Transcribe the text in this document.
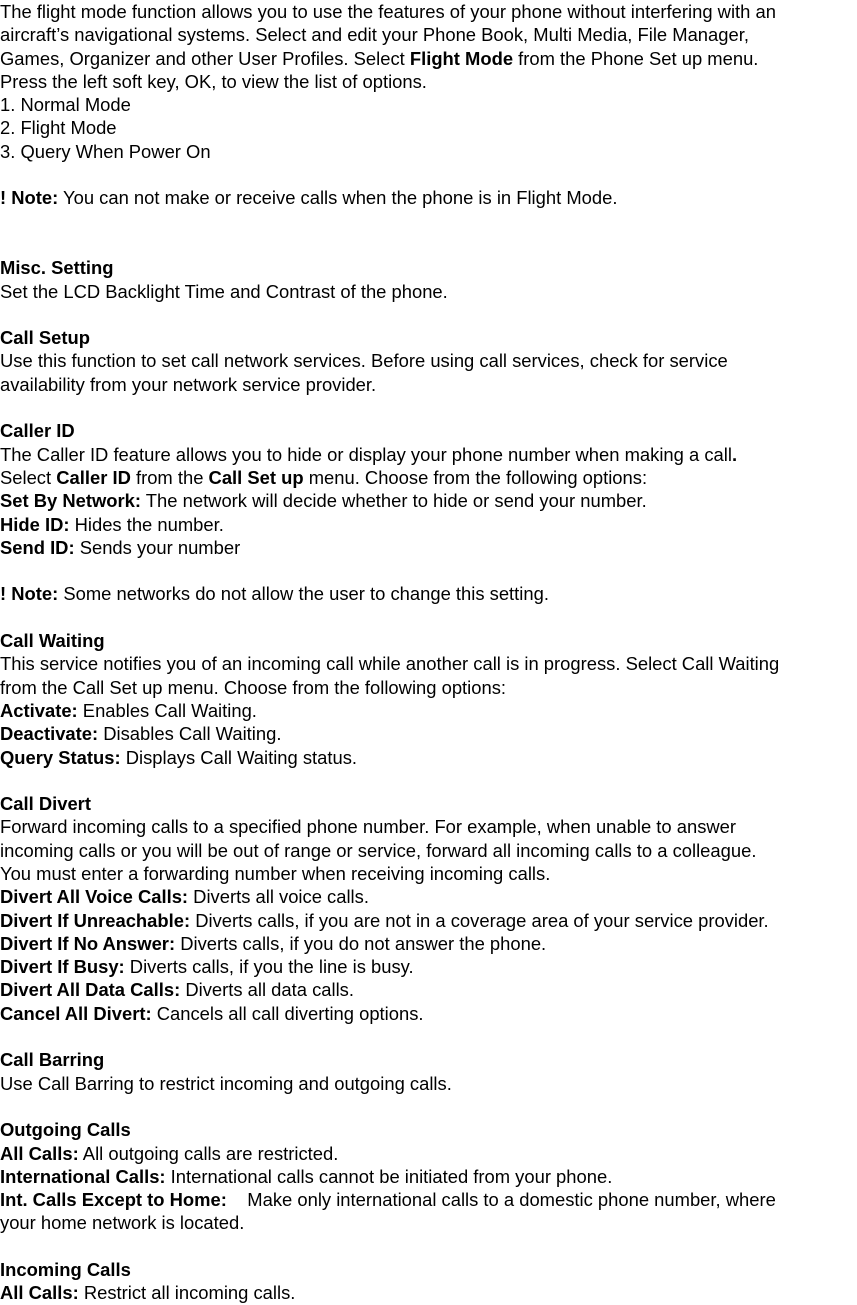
The flight mode function allows you to use the features of your phone without interfering with an
aircraft’s navigational systems. Select and edit your Phone Book, Multi Media, File Manager,
Games, Organizer and other User Profiles. Select Flight Mode from the Phone Set up menu.
Press the left soft key, OK, to view the list of options.
1. Normal Mode
2. Flight Mode
3. Query When Power On
! Note: You can not make or receive calls when the phone is in Flight Mode.
Misc. Setting
Set the LCD Backlight Time and Contrast of the phone.
Call Setup
Use this function to set call network services. Before using call services, check for service
availability from your network service provider.
Caller ID
The Caller ID feature allows you to hide or display your phone number when making a call.
Select Caller ID from the Call Set up menu. Choose from the following options:
Set By Network: The network will decide whether to hide or send your number.
Hide ID: Hides the number.
Send ID: Sends your number
! Note: Some networks do not allow the user to change this setting.
Call Waiting
This service notifies you of an incoming call while another call is in progress. Select Call Waiting
from the Call Set up menu. Choose from the following options:
Activate: Enables Call Waiting.
Deactivate: Disables Call Waiting.
Query Status: Displays Call Waiting status.
Call Divert
Forward incoming calls to a specified phone number. For example, when unable to answer
incoming calls or you will be out of range or service, forward all incoming calls to a colleague.
You must enter a forwarding number when receiving incoming calls.
Divert All Voice Calls: Diverts all voice calls.
Divert If Unreachable: Diverts calls, if you are not in a coverage area of your service provider.
Divert If No Answer: Diverts calls, if you do not answer the phone.
Divert If Busy: Diverts calls, if you the line is busy.
Divert All Data Calls: Diverts all data calls.
Cancel All Divert: Cancels all call diverting options.
Call Barring
Use Call Barring to restrict incoming and outgoing calls.
Outgoing Calls
All Calls: All outgoing calls are restricted.
International Calls: International calls cannot be initiated from your phone.
Int. Calls Except to Home:    Make only international calls to a domestic phone number, where
your home network is located.
Incoming Calls
All Calls: Restrict all incoming calls.
